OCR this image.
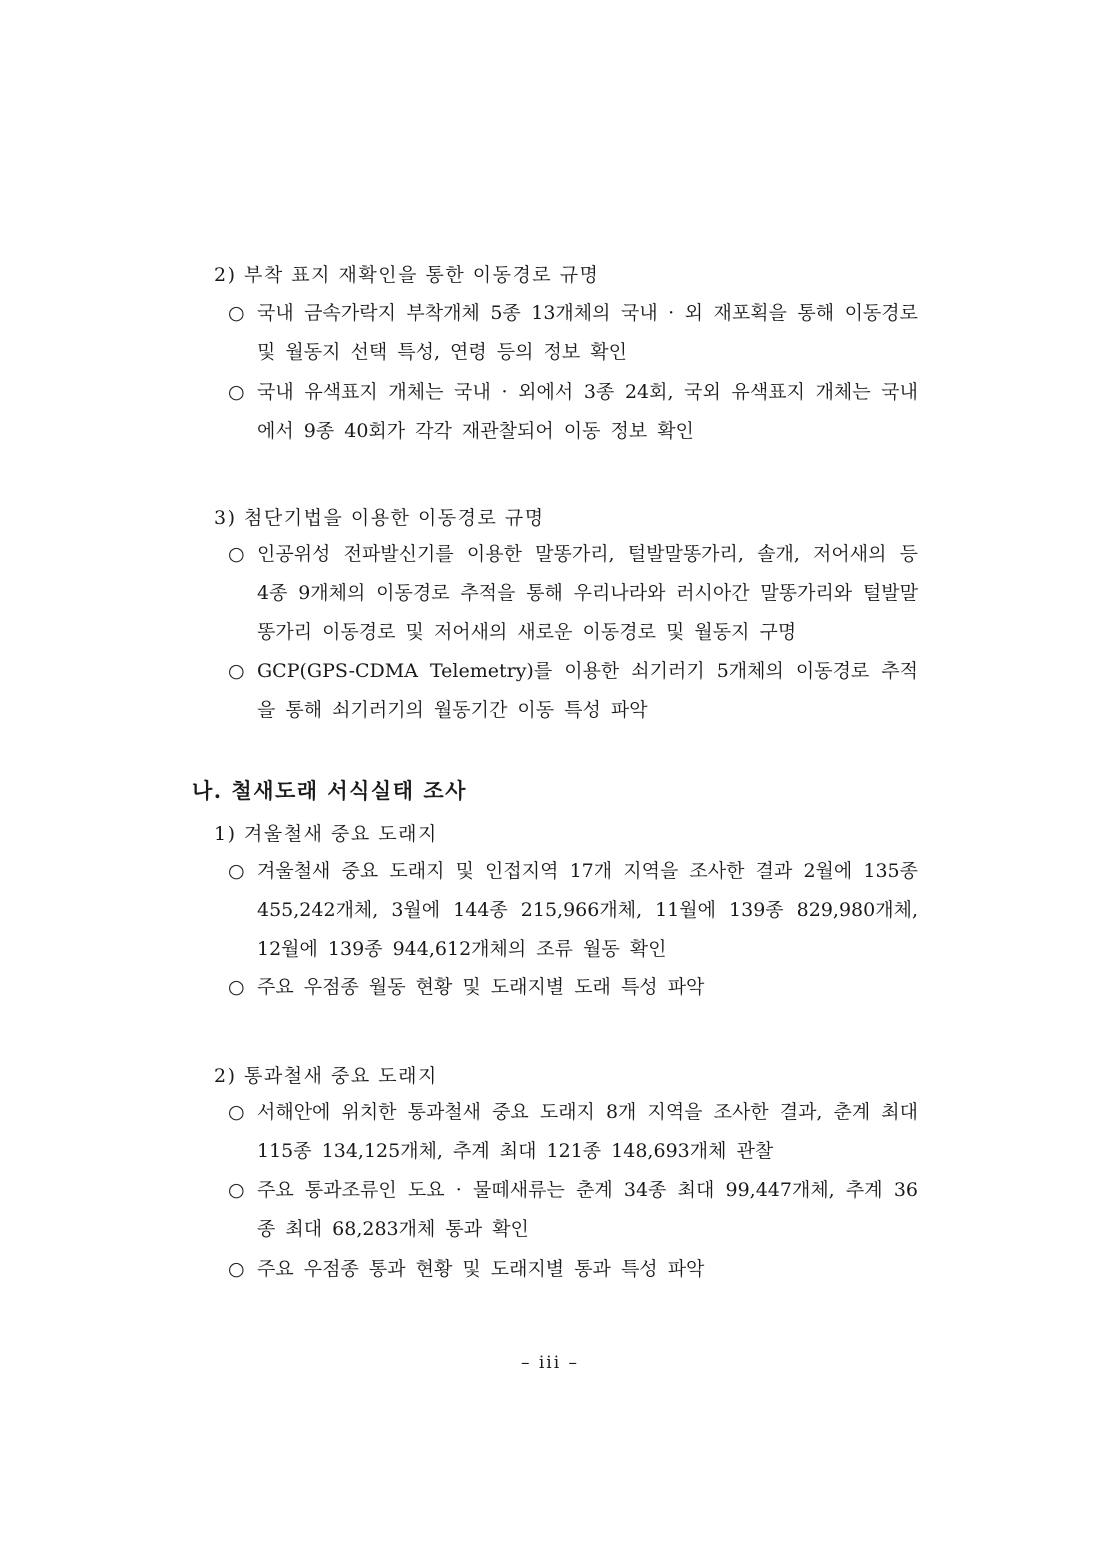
2) 부착 표지 재확인을 통한 이동경로 규명
○ 국내 금속가락지 부착개체 5종 13개체의 국내 · 외 재포획을 통해 이동경로 및 월동지 선택 특성, 연령 등의 정보 확인
○ 국내 유색표지 개체는 국내 · 외에서 3종 24회, 국외 유색표지 개체는 국내에서 9종 40회가 각각 재관찰되어 이동 정보 확인
3) 첨단기법을 이용한 이동경로 규명
○ 인공위성 전파발신기를 이용한 말똥가리, 털발말똥가리, 솔개, 저어새의 등 4종 9개체의 이동경로 추적을 통해 우리나라와 러시아간 말똥가리와 털발말똥가리 이동경로 및 저어새의 새로운 이동경로 및 월동지 구명
○ GCP(GPS-CDMA Telemetry)를 이용한 쇠기러기 5개체의 이동경로 추적을 통해 쇠기러기의 월동기간 이동 특성 파악
나. 철새도래 서식실태 조사
1) 겨울철새 중요 도래지
○ 겨울철새 중요 도래지 및 인접지역 17개 지역을 조사한 결과 2월에 135종 455,242개체, 3월에 144종 215,966개체, 11월에 139종 829,980개체, 12월에 139종 944,612개체의 조류 월동 확인
○ 주요 우점종 월동 현황 및 도래지별 도래 특성 파악
2) 통과철새 중요 도래지
○ 서해안에 위치한 통과철새 중요 도래지 8개 지역을 조사한 결과, 춘계 최대 115종 134,125개체, 추계 최대 121종 148,693개체 관찰
○ 주요 통과조류인 도요 · 물떼새류는 춘계 34종 최대 99,447개체, 추계 36종 최대 68,283개체 통과 확인
○ 주요 우점종 통과 현황 및 도래지별 통과 특성 파악
– iii –
